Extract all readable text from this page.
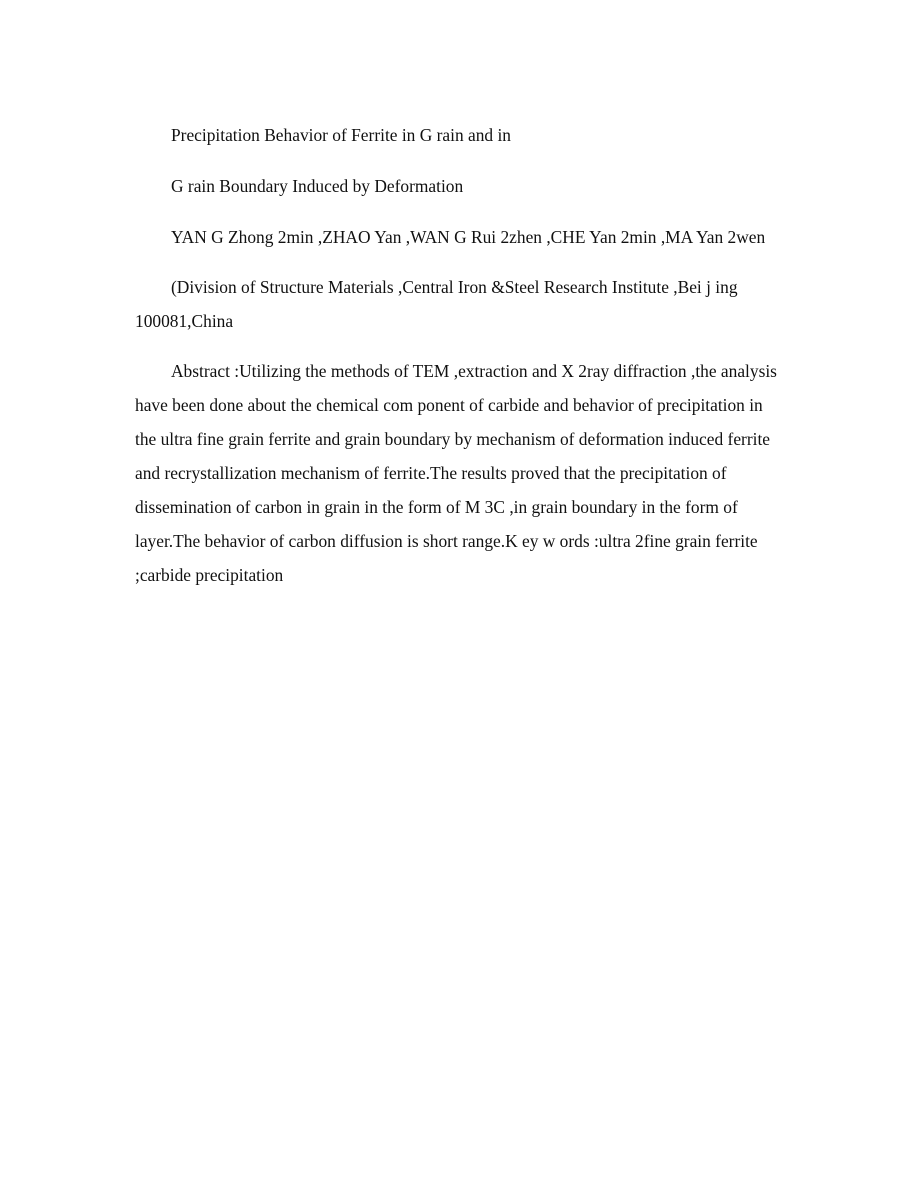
Precipitation Behavior of Ferrite in G rain and in

G rain Boundary Induced by Deformation

YAN G Zhong 2min ,ZHAO Yan ,WAN G Rui 2zhen ,CHE Yan 2min ,MA Yan 2wen

(Division of Structure Materials ,Central Iron &Steel Research Institute ,Bei j ing 100081,China

Abstract :Utilizing the methods of TEM ,extraction and X 2ray diffraction ,the analysis have been done about the chemical com ponent of carbide and behavior of precipitation in the ultra fine grain ferrite and grain boundary by mechanism of deformation induced ferrite and recrystallization mechanism of ferrite.The results proved that the precipitation of dissemination of carbon in grain in the form of M 3C ,in grain boundary in the form of layer.The behavior of carbon diffusion is short range.K ey w ords :ultra 2fine grain ferrite ;carbide precipitation
